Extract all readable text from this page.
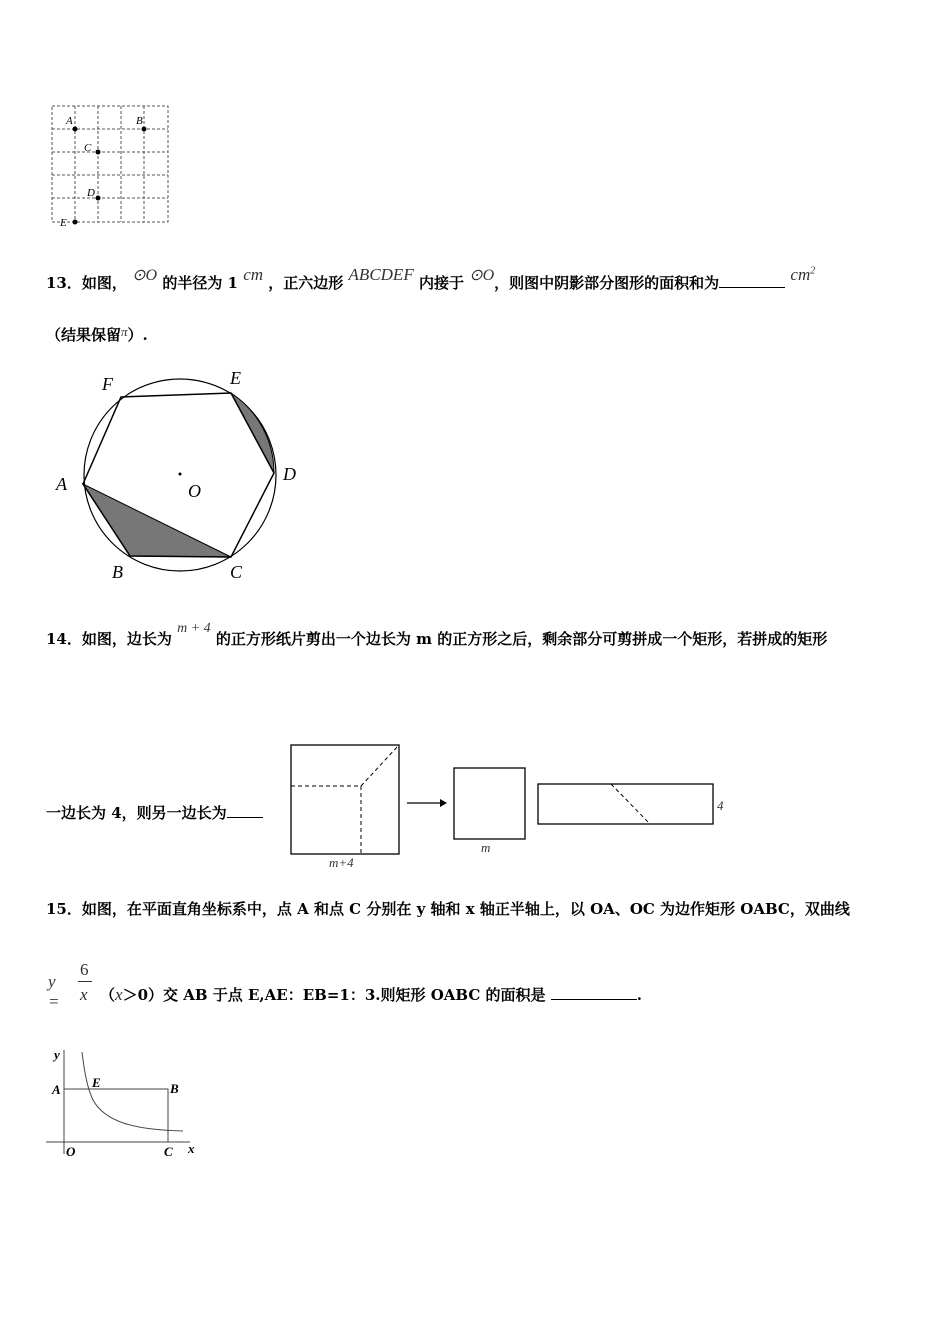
A	B
C
D
E
13．如图， ⊙O 的半径为 1 cm ，正六边形 ABCDEF 内接于 ⊙O，则图中阴影部分图形的面积和为	$cm^2$
（结果保留π）.
F	E
A	D
O
B	C
14．如图，边长为 m + 4 的正方形纸片剪出一个边长为 m 的正方形之后，剩余部分可剪拼成一个矩形，若拼成的矩形
一边长为 4，则另一边长为
m+4
m
4
15．如图，在平面直角坐标系中，点 A 和点 C 分别在 y 轴和 x 轴正半轴上，以 OA、OC 为边作矩形 OABC，双曲线
y =
6
x （x＞0）交 AB 于点 E,AE：EB=1：3.则矩形 OABC 的面积是	.
y
A E	B
O	C x
